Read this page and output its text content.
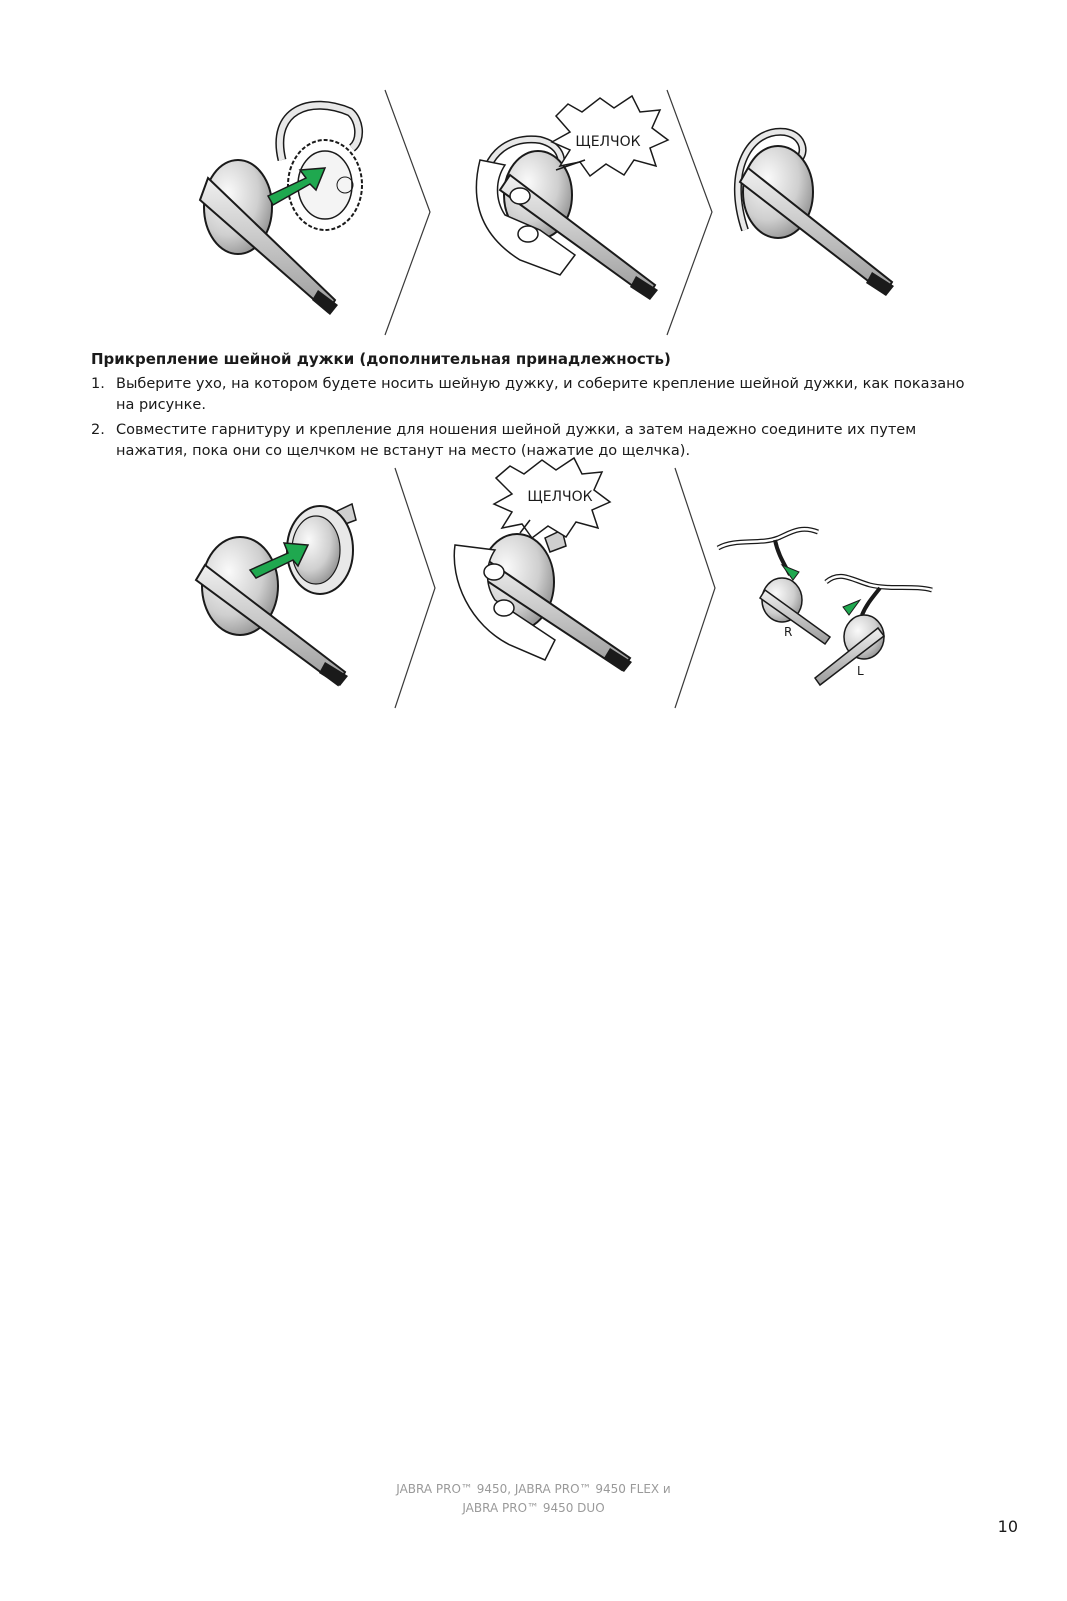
ЩЕЛЧОК
ЩЕЛЧОК
R
L
Прикрепление шейной дужки (дополнительная принадлежность)
1. Выберите ухо, на котором будете носить шейную дужку, и соберите крепление шейной дужки, как показано на рисунке.
2. Совместите гарнитуру и крепление для ношения шейной дужки, а затем надежно соедините их путем нажатия, пока они со щелчком не встанут на место (нажатие до щелчка).
JABRA PRO™ 9450, JABRA PRO™ 9450 FLEX и
JABRA PRO™ 9450 DUO
10
